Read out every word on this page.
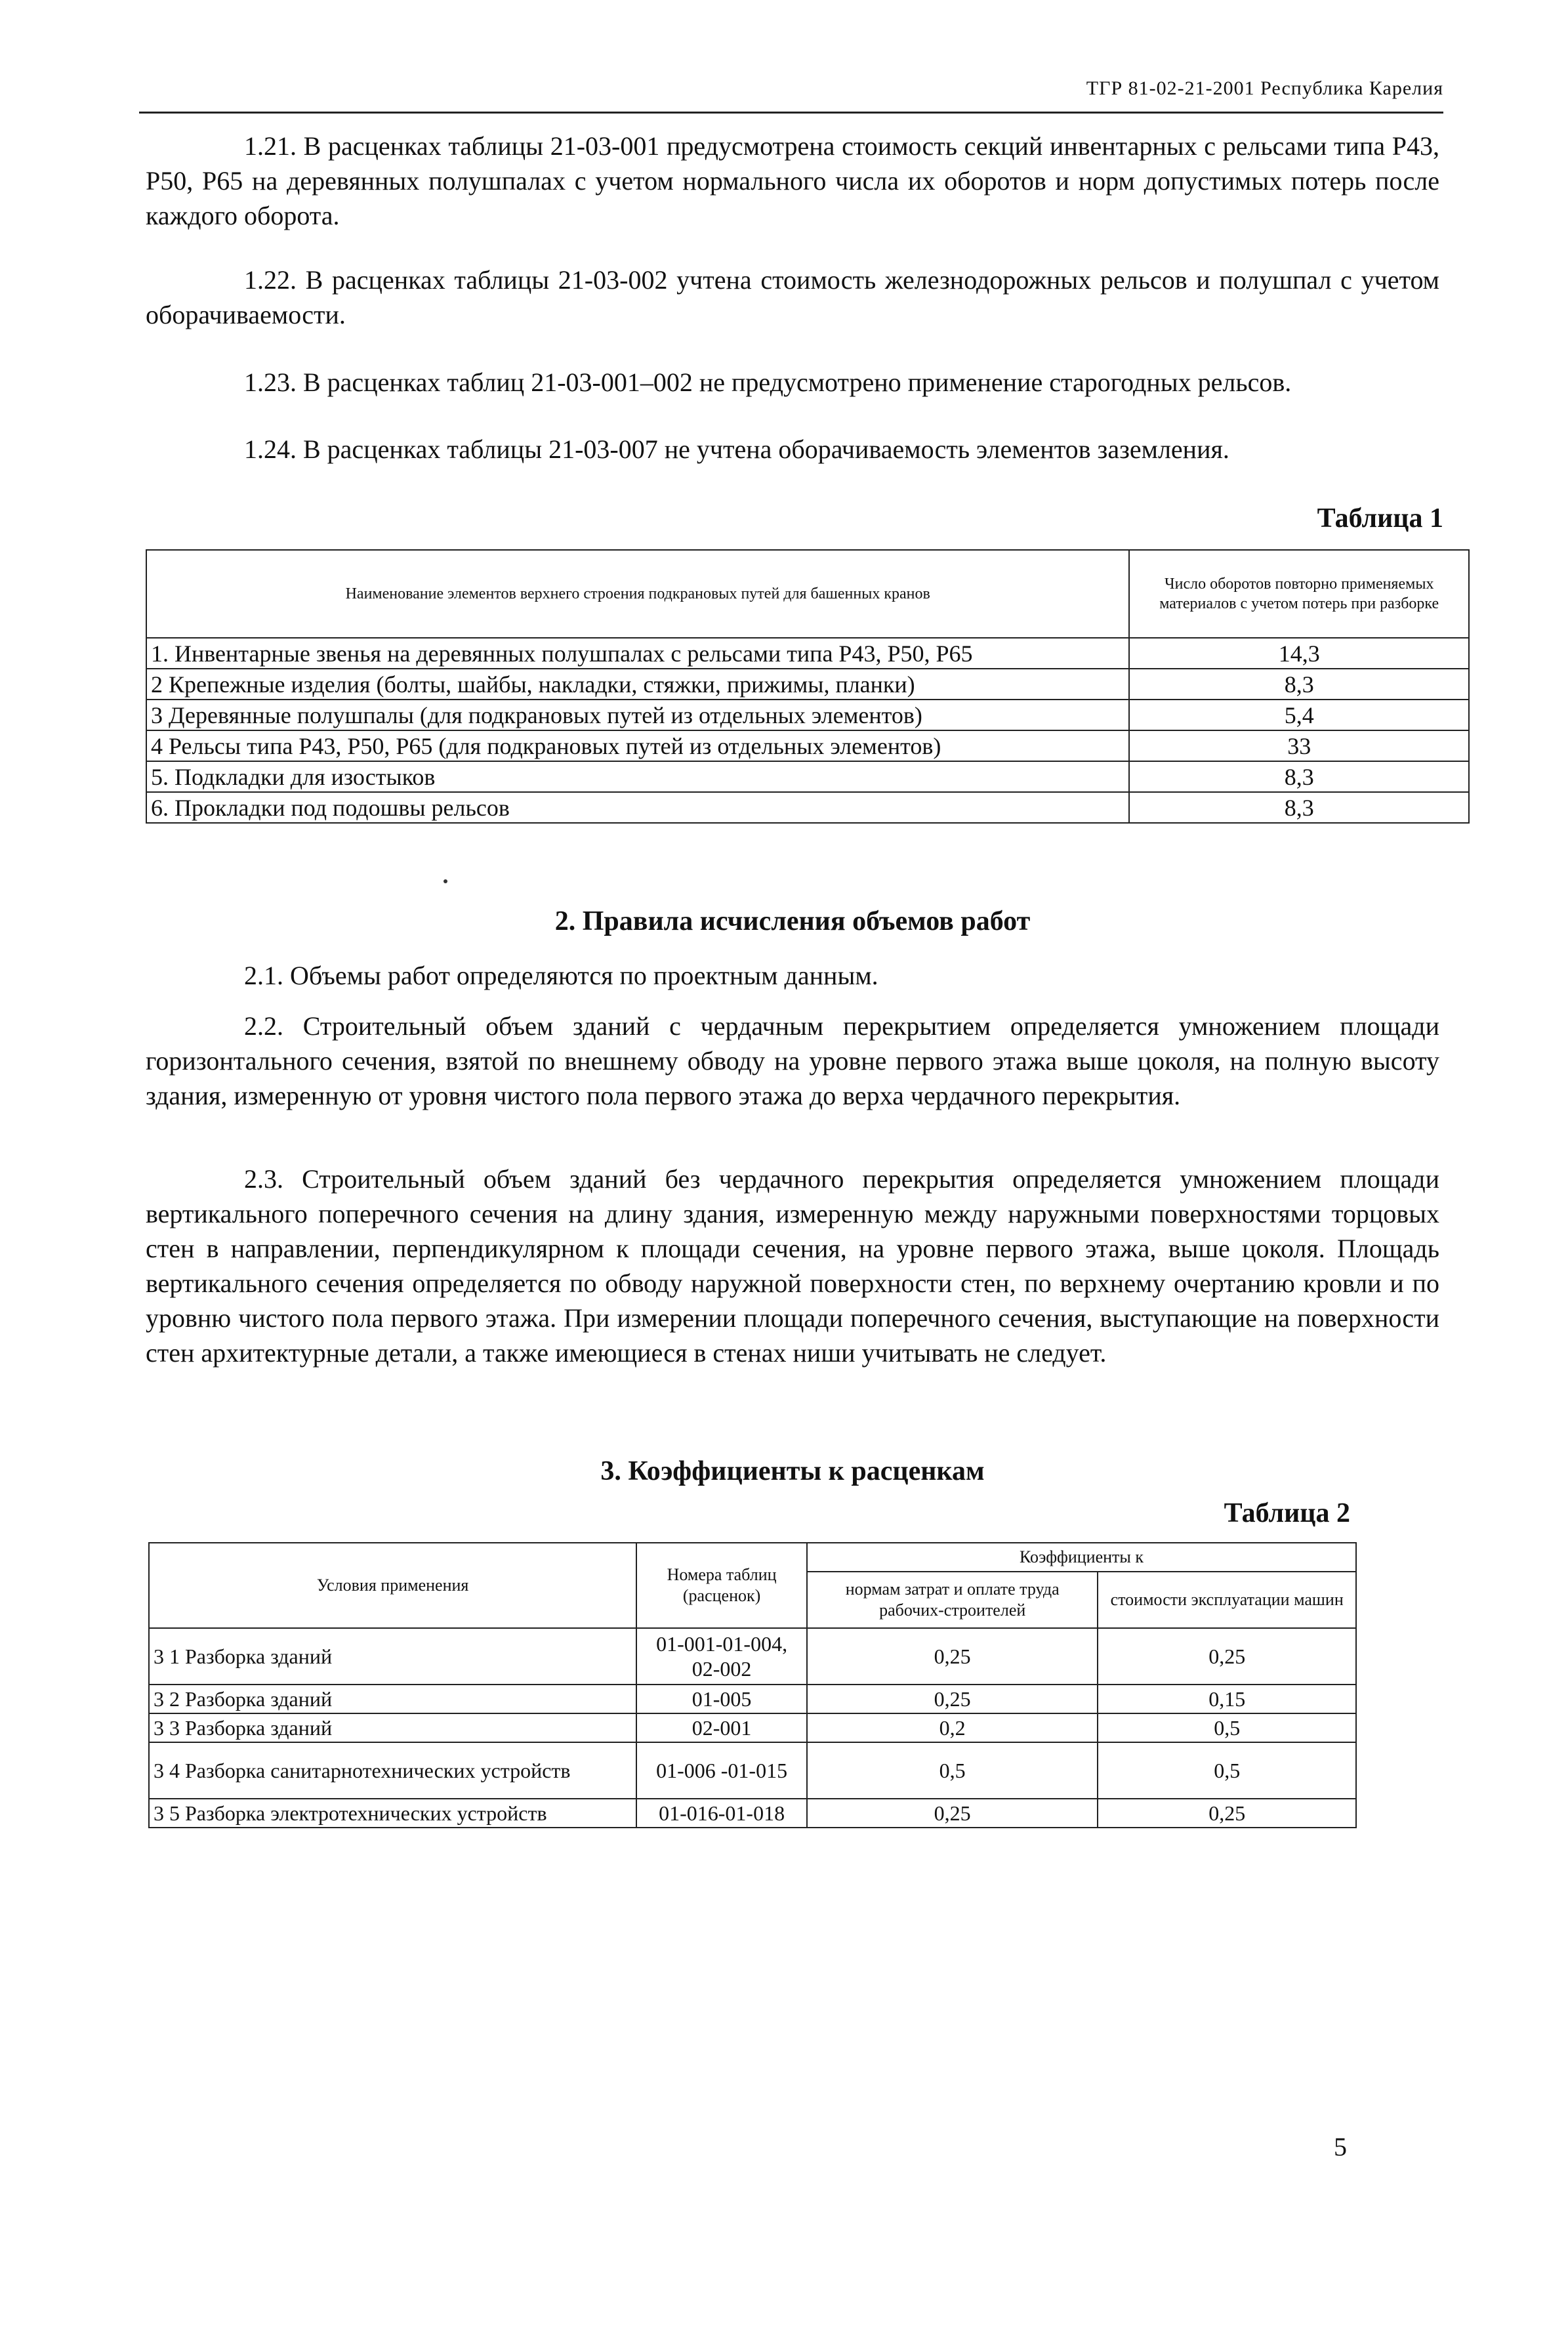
ТГР 81-02-21-2001 Республика Карелия

1.21. В расценках таблицы 21-03-001 предусмотрена стоимость секций инвентарных с рельсами типа Р43, Р50, Р65 на деревянных полушпалах с учетом нормального числа их оборотов и норм допустимых потерь после каждого оборота.

1.22. В расценках таблицы 21-03-002 учтена стоимость железнодорожных рельсов и полушпал с учетом оборачиваемости.

1.23. В расценках таблиц 21-03-001–002 не предусмотрено применение старогодных рельсов.

1.24. В расценках таблицы 21-03-007 не учтена оборачиваемость элементов заземления.

Таблица 1
Наименование элементов верхнего строения подкрановых путей для башенных кранов	Число оборотов повторно применяемых материалов с учетом потерь при разборке
1. Инвентарные звенья на деревянных полушпалах с рельсами типа Р43, Р50, Р65	14,3
2 Крепежные изделия (болты, шайбы, накладки, стяжки, прижимы, планки)	8,3
3 Деревянные полушпалы (для подкрановых путей из отдельных элементов)	5,4
4 Рельсы типа Р43, Р50, Р65 (для подкрановых путей из отдельных элементов)	33
5. Подкладки для изостыков	8,3
6. Прокладки под подошвы рельсов	8,3
2. Правила исчисления объемов работ

2.1. Объемы работ определяются по проектным данным.

2.2. Строительный объем зданий с чердачным перекрытием определяется умножением площади горизонтального сечения, взятой по внешнему обводу на уровне первого этажа выше цоколя, на полную высоту здания, измеренную от уровня чистого пола первого этажа до верха чердачного перекрытия.

2.3. Строительный объем зданий без чердачного перекрытия определяется умножением площади вертикального поперечного сечения на длину здания, измеренную между наружными поверхностями торцовых стен в направлении, перпендикулярном к площади сечения, на уровне первого этажа, выше цоколя. Площадь вертикального сечения определяется по обводу наружной поверхности стен, по верхнему очертанию кровли и по уровню чистого пола первого этажа. При измерении площади поперечного сечения, выступающие на поверхности стен архитектурные детали, а также имеющиеся в стенах ниши учитывать не следует.

3. Коэффициенты к расценкам
Таблица 2
Условия применения	Номера таблиц (расценок)	Коэффициенты к	
		нормам затрат и оплате труда рабочих-строителей	стоимости эксплуатации машин
3 1 Разборка зданий	01-001-01-004, 02-002	0,25	0,25
3 2 Разборка зданий	01-005	0,25	0,15
3 3 Разборка зданий	02-001	0,2	0,5
3 4 Разборка санитарнотехнических устройств	01-006 -01-015	0,5	0,5
3 5 Разборка электротехнических устройств	01-016-01-018	0,25	0,25
5
